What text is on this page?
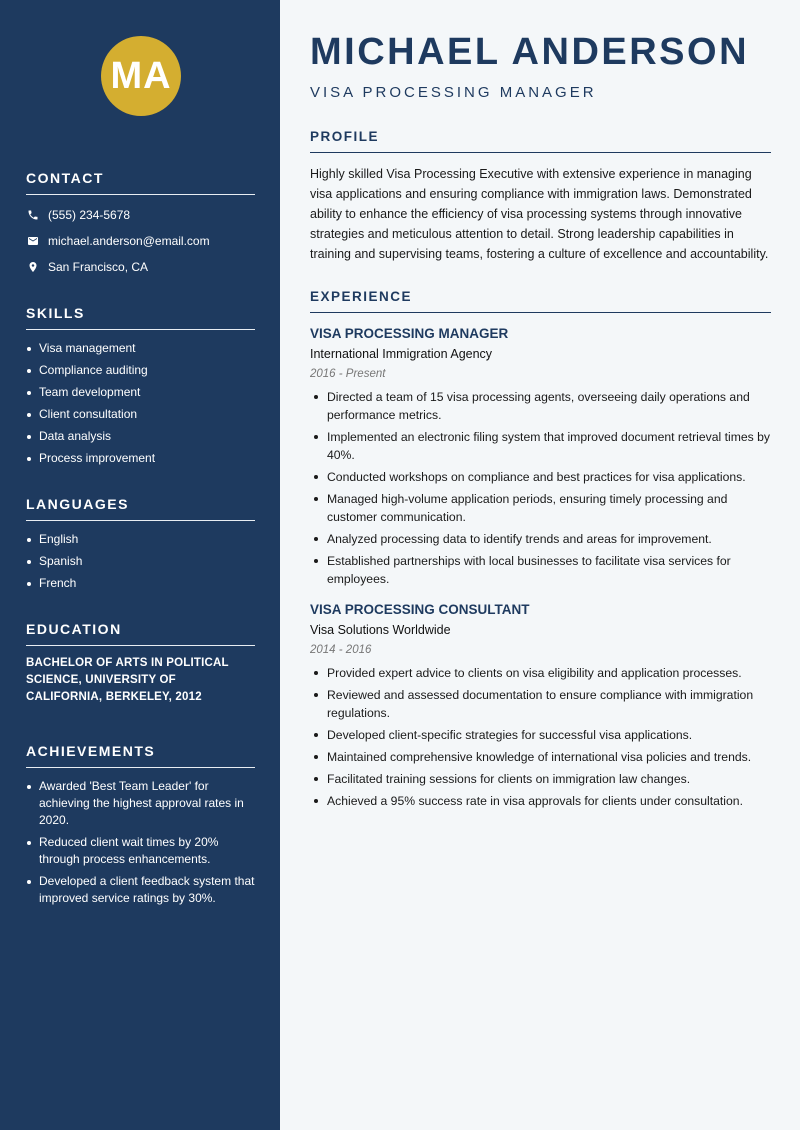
MA
CONTACT
(555) 234-5678
michael.anderson@email.com
San Francisco, CA
SKILLS
Visa management
Compliance auditing
Team development
Client consultation
Data analysis
Process improvement
LANGUAGES
English
Spanish
French
EDUCATION
BACHELOR OF ARTS IN POLITICAL SCIENCE, UNIVERSITY OF CALIFORNIA, BERKELEY, 2012
ACHIEVEMENTS
Awarded 'Best Team Leader' for achieving the highest approval rates in 2020.
Reduced client wait times by 20% through process enhancements.
Developed a client feedback system that improved service ratings by 30%.
MICHAEL ANDERSON
VISA PROCESSING MANAGER
PROFILE
Highly skilled Visa Processing Executive with extensive experience in managing visa applications and ensuring compliance with immigration laws. Demonstrated ability to enhance the efficiency of visa processing systems through innovative strategies and meticulous attention to detail. Strong leadership capabilities in training and supervising teams, fostering a culture of excellence and accountability.
EXPERIENCE
VISA PROCESSING MANAGER
International Immigration Agency
2016 - Present
Directed a team of 15 visa processing agents, overseeing daily operations and performance metrics.
Implemented an electronic filing system that improved document retrieval times by 40%.
Conducted workshops on compliance and best practices for visa applications.
Managed high-volume application periods, ensuring timely processing and customer communication.
Analyzed processing data to identify trends and areas for improvement.
Established partnerships with local businesses to facilitate visa services for employees.
VISA PROCESSING CONSULTANT
Visa Solutions Worldwide
2014 - 2016
Provided expert advice to clients on visa eligibility and application processes.
Reviewed and assessed documentation to ensure compliance with immigration regulations.
Developed client-specific strategies for successful visa applications.
Maintained comprehensive knowledge of international visa policies and trends.
Facilitated training sessions for clients on immigration law changes.
Achieved a 95% success rate in visa approvals for clients under consultation.
